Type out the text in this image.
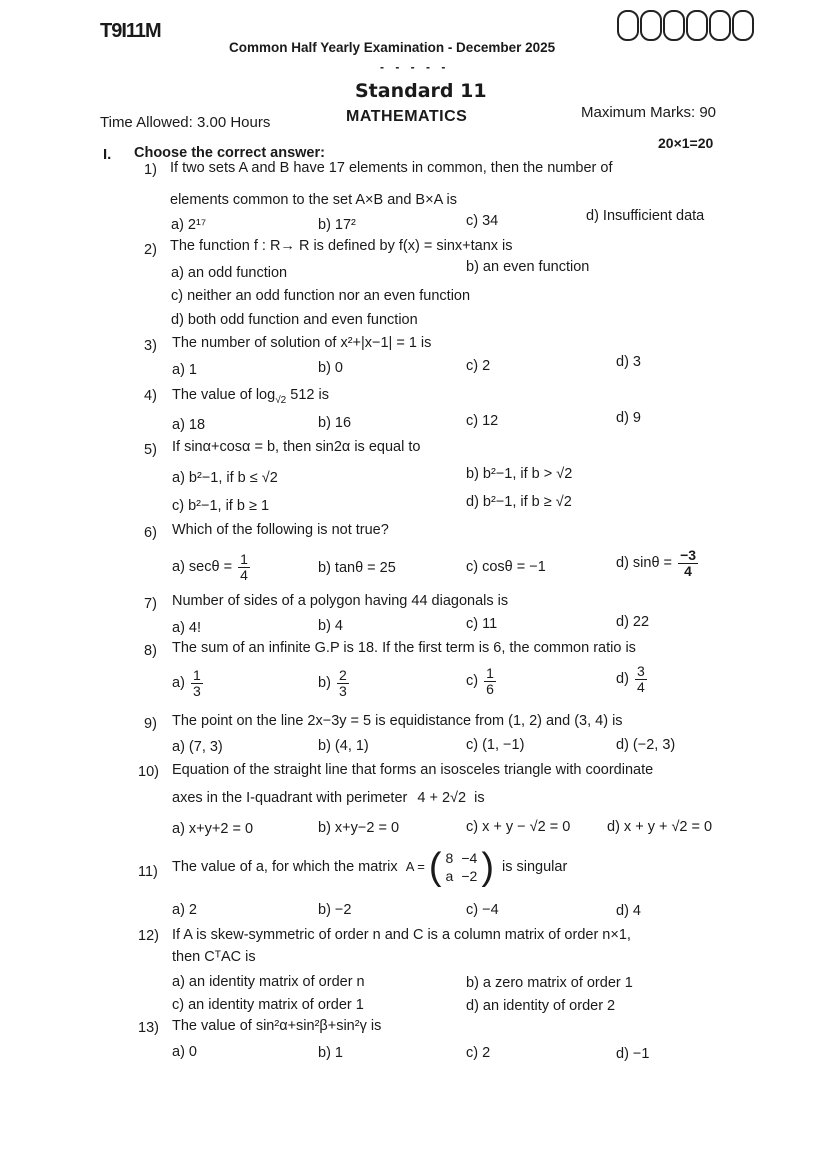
T9I11M
Common Half Yearly Examination - December 2025
- - - - -
Standard 11
Time Allowed: 3.00 Hours	MATHEMATICS	Maximum Marks: 90
20×1=20
I. Choose the correct answer:
1) If two sets A and B have 17 elements in common, then the number of
elements common to the set A×B and B×A is
a) 2¹⁷	b) 17²	c) 34	d) Insufficient data
2) The function f : R→ R is defined by f(x) = sinx+tanx is
a) an odd function	b) an even function
c) neither an odd function nor an even function
d) both odd function and even function
3) The number of solution of x²+|x−1| = 1 is
a) 1	b) 0	c) 2	d) 3
4) The value of $\log_{√2} 512$ is
a) 18	b) 16	c) 12	d) 9
5) If sinα+cosα = b, then sin2α is equal to
a) b²−1, if b ≤ √2	b) b²−1, if b > √2
c) b²−1, if b ≥ 1	d) b²−1, if b ≥ √2
6) Which of the following is not true?
a) $\sec\theta = \frac{1}{4}$	b) tanθ = 25	c) cosθ = −1	d) $\sin\theta = \frac{-3}{4}$
7) Number of sides of a polygon having 44 diagonals is
a) 4!	b) 4	c) 11	d) 22
8) The sum of an infinite G.P is 18. If the first term is 6, the common ratio is
$a) \frac{1}{3}$	$b) \frac{2}{3}$	$c) \frac{1}{6}$	$d) \frac{3}{4}$
9) The point on the line 2x−3y = 5 is equidistance from (1, 2) and (3, 4) is
a) (7, 3)	b) (4, 1)	c) (1, −1)	d) (−2, 3)
10) Equation of the straight line that forms an isosceles triangle with coordinate
axes in the I-quadrant with perimeter 4 + 2√2 is
a) x+y+2 = 0	b) x+y−2 = 0	c) x + y − √2 = 0	d) x + y + √2 = 0
11) The value of a, for which the matrix A = ( 8	−4
a	−2 ) is singular
a) 2	b) −2	c) −4	d) 4
12) If A is skew-symmetric of order n and C is a column matrix of order n×1,
then CᵀAC is
a) an identity matrix of order n	b) a zero matrix of order 1
c) an identity matrix of order 1	d) an identity of order 2
13) The value of sin²α+sin²β+sin²γ is
a) 0	b) 1	c) 2	d) −1
